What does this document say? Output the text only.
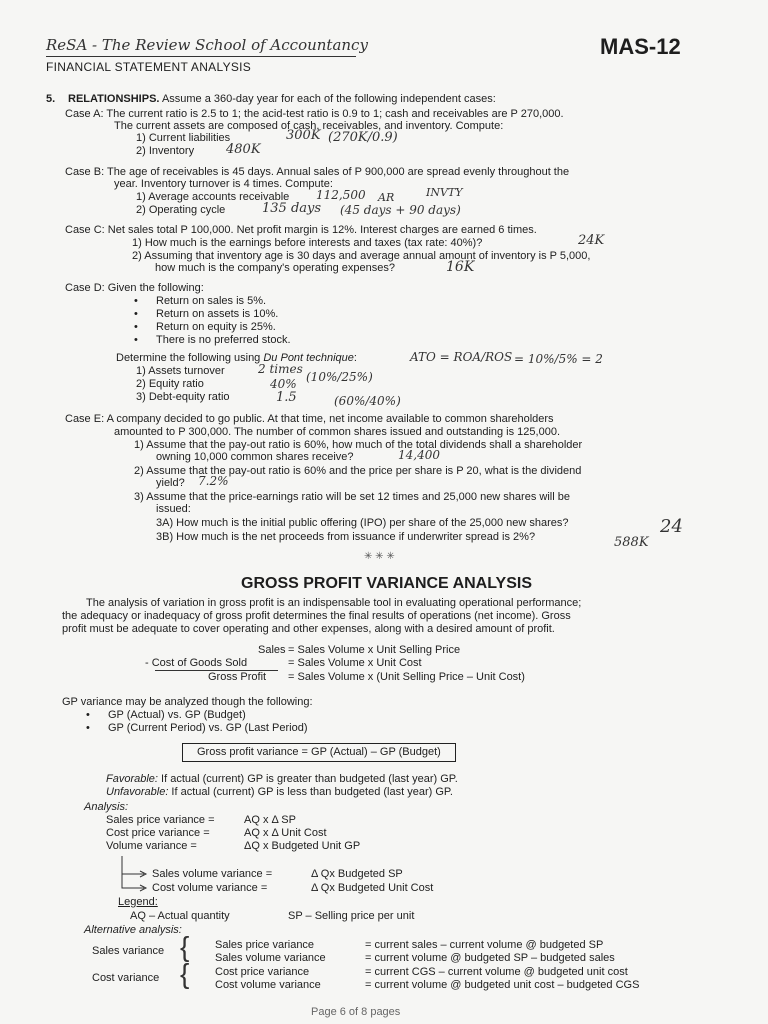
ReSA - The Review School of Accountancy	MAS-12
FINANCIAL STATEMENT ANALYSIS
5. RELATIONSHIPS. Assume a 360-day year for each of the following independent cases:
Case A: The current ratio is 2.5 to 1; the acid-test ratio is 0.9 to 1; cash and receivables are P 270,000.
The current assets are composed of cash, receivables, and inventory. Compute:
1) Current liabilities
2) Inventory
300K (270K/0.9)
480K
Case B: The age of receivables is 45 days. Annual sales of P 900,000 are spread evenly throughout the
year. Inventory turnover is 4 times. Compute:
1) Average accounts receivable
2) Operating cycle
112,500 AR	INVTY
135 days (45 days + 90 days)
Case C: Net sales total P 100,000. Net profit margin is 12%. Interest charges are earned 6 times.
1) How much is the earnings before interests and taxes (tax rate: 40%)?
2) Assuming that inventory age is 30 days and average annual amount of inventory is P 5,000,
how much is the company's operating expenses?
24K
16K
Case D: Given the following:
• Return on sales is 5%.
• Return on assets is 10%.
• Return on equity is 25%.
• There is no preferred stock.
Determine the following using Du Pont technique:
1) Assets turnover
2) Equity ratio
3) Debt-equity ratio
ATO = ROA/ROS = 10%/5% = 2
2 times
(10%/25%)
40%
1.5	(60%/40%)
Case E: A company decided to go public. At that time, net income available to common shareholders
amounted to P 300,000. The number of common shares issued and outstanding is 125,000.
1) Assume that the pay-out ratio is 60%, how much of the total dividends shall a shareholder
owning 10,000 common shares receive?
2) Assume that the pay-out ratio is 60% and the price per share is P 20, what is the dividend
yield?
3) Assume that the price-earnings ratio will be set 12 times and 25,000 new shares will be
issued:
3A) How much is the initial public offering (IPO) per share of the 25,000 new shares?
3B) How much is the net proceeds from issuance if underwriter spread is 2%?
14,400
7.2%
24
588K
✳ ✳ ✳
GROSS PROFIT VARIANCE ANALYSIS
The analysis of variation in gross profit is an indispensable tool in evaluating operational performance;
the adequacy or inadequacy of gross profit determines the final results of operations (net income). Gross
profit must be adequate to cover operating and other expenses, along with a desired amount of profit.
Sales = Sales Volume x Unit Selling Price
- Cost of Goods Sold	= Sales Volume x Unit Cost
Gross Profit = Sales Volume x (Unit Selling Price – Unit Cost)
GP variance may be analyzed though the following:
• GP (Actual) vs. GP (Budget)
• GP (Current Period) vs. GP (Last Period)
Gross profit variance = GP (Actual) – GP (Budget)
Favorable: If actual (current) GP is greater than budgeted (last year) GP.
Unfavorable: If actual (current) GP is less than budgeted (last year) GP.
Analysis:
Sales price variance =	AQ x Δ SP
Cost price variance =	AQ x Δ Unit Cost
Volume variance =	ΔQ x Budgeted Unit GP
Sales volume variance =	Δ Qx Budgeted SP
Cost volume variance =	Δ Qx Budgeted Unit Cost
Legend:
AQ – Actual quantity	SP – Selling price per unit
Alternative analysis:
Sales variance { Sales price variance	= current sales – current volume @ budgeted SP
Sales volume variance	= current volume @ budgeted SP – budgeted sales
Cost variance { Cost price variance	= current CGS – current volume @ budgeted unit cost
Cost volume variance	= current volume @ budgeted unit cost – budgeted CGS
Page 6 of 8 pages
